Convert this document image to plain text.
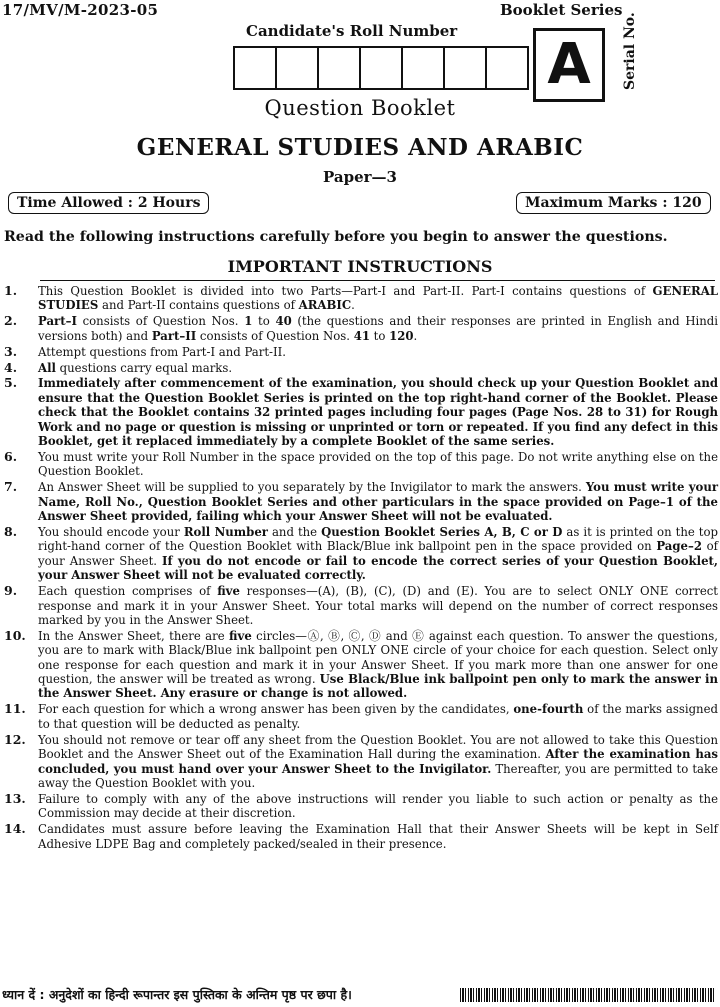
17/MV/M-2023-05	Booklet Series
Candidate's Roll Number
A	Serial No.
Question Booklet
GENERAL STUDIES AND ARABIC
Paper—3
Time Allowed : 2 Hours	Maximum Marks : 120
Read the following instructions carefully before you begin to answer the questions.
IMPORTANT INSTRUCTIONS
1.	This Question Booklet is divided into two Parts—Part-I and Part-II. Part-I contains questions of GENERAL STUDIES and Part-II contains questions of ARABIC.
2.	Part–I consists of Question Nos. 1 to 40 (the questions and their responses are printed in English and Hindi versions both) and Part–II consists of Question Nos. 41 to 120.
3.	Attempt questions from Part-I and Part-II.
4.	All questions carry equal marks.
5.	Immediately after commencement of the examination, you should check up your Question Booklet and ensure that the Question Booklet Series is printed on the top right-hand corner of the Booklet. Please check that the Booklet contains 32 printed pages including four pages (Page Nos. 28 to 31) for Rough Work and no page or question is missing or unprinted or torn or repeated. If you find any defect in this Booklet, get it replaced immediately by a complete Booklet of the same series.
6.	You must write your Roll Number in the space provided on the top of this page. Do not write anything else on the Question Booklet.
7.	An Answer Sheet will be supplied to you separately by the Invigilator to mark the answers. You must write your Name, Roll No., Question Booklet Series and other particulars in the space provided on Page–1 of the Answer Sheet provided, failing which your Answer Sheet will not be evaluated.
8.	You should encode your Roll Number and the Question Booklet Series A, B, C or D as it is printed on the top right-hand corner of the Question Booklet with Black/Blue ink ballpoint pen in the space provided on Page–2 of your Answer Sheet. If you do not encode or fail to encode the correct series of your Question Booklet, your Answer Sheet will not be evaluated correctly.
9.	Each question comprises of five responses—(A), (B), (C), (D) and (E). You are to select ONLY ONE correct response and mark it in your Answer Sheet. Your total marks will depend on the number of correct responses marked by you in the Answer Sheet.
10.	In the Answer Sheet, there are five circles—Ⓐ, Ⓑ, Ⓒ, Ⓓ and Ⓔ against each question. To answer the questions, you are to mark with Black/Blue ink ballpoint pen ONLY ONE circle of your choice for each question. Select only one response for each question and mark it in your Answer Sheet. If you mark more than one answer for one question, the answer will be treated as wrong. Use Black/Blue ink ballpoint pen only to mark the answer in the Answer Sheet. Any erasure or change is not allowed.
11.	For each question for which a wrong answer has been given by the candidates, one-fourth of the marks assigned to that question will be deducted as penalty.
12.	You should not remove or tear off any sheet from the Question Booklet. You are not allowed to take this Question Booklet and the Answer Sheet out of the Examination Hall during the examination. After the examination has concluded, you must hand over your Answer Sheet to the Invigilator. Thereafter, you are permitted to take away the Question Booklet with you.
13.	Failure to comply with any of the above instructions will render you liable to such action or penalty as the Commission may decide at their discretion.
14.	Candidates must assure before leaving the Examination Hall that their Answer Sheets will be kept in Self Adhesive LDPE Bag and completely packed/sealed in their presence.
ध्यान दें : अनुदेशों का हिन्दी रूपान्तर इस पुस्तिका के अन्तिम पृष्ठ पर छपा है।
